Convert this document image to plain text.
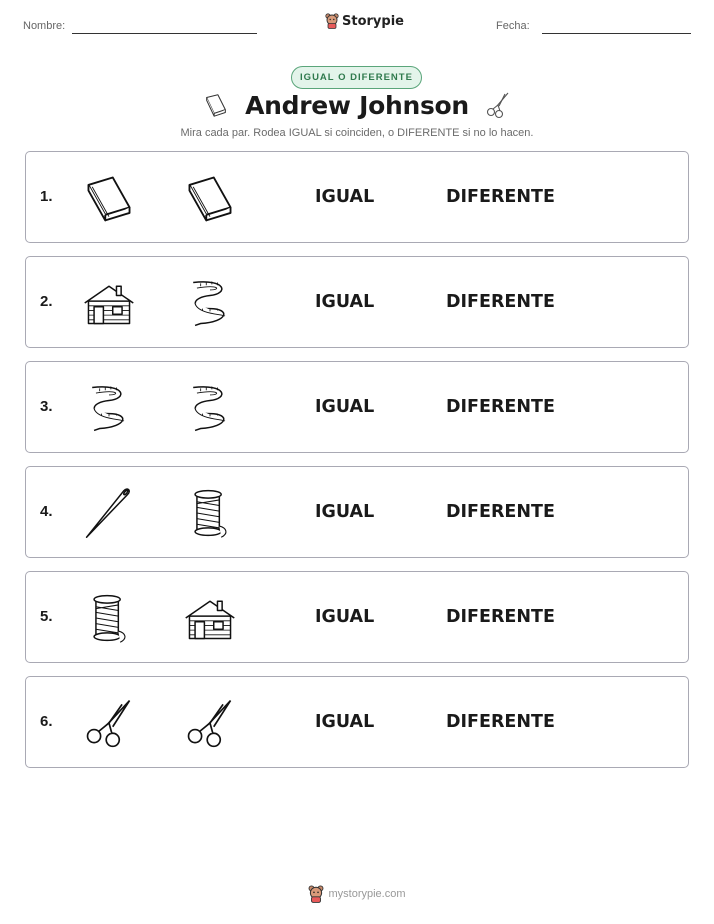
Nombre:	Storypie	Fecha:
IGUAL O DIFERENTE
Andrew Johnson
Mira cada par. Rodea IGUAL si coinciden, o DIFERENTE si no lo hacen.
1.	IGUAL	DIFERENTE
2.	IGUAL	DIFERENTE
3.	IGUAL	DIFERENTE
4.	IGUAL	DIFERENTE
5.	IGUAL	DIFERENTE
6.	IGUAL	DIFERENTE
mystorypie.com
